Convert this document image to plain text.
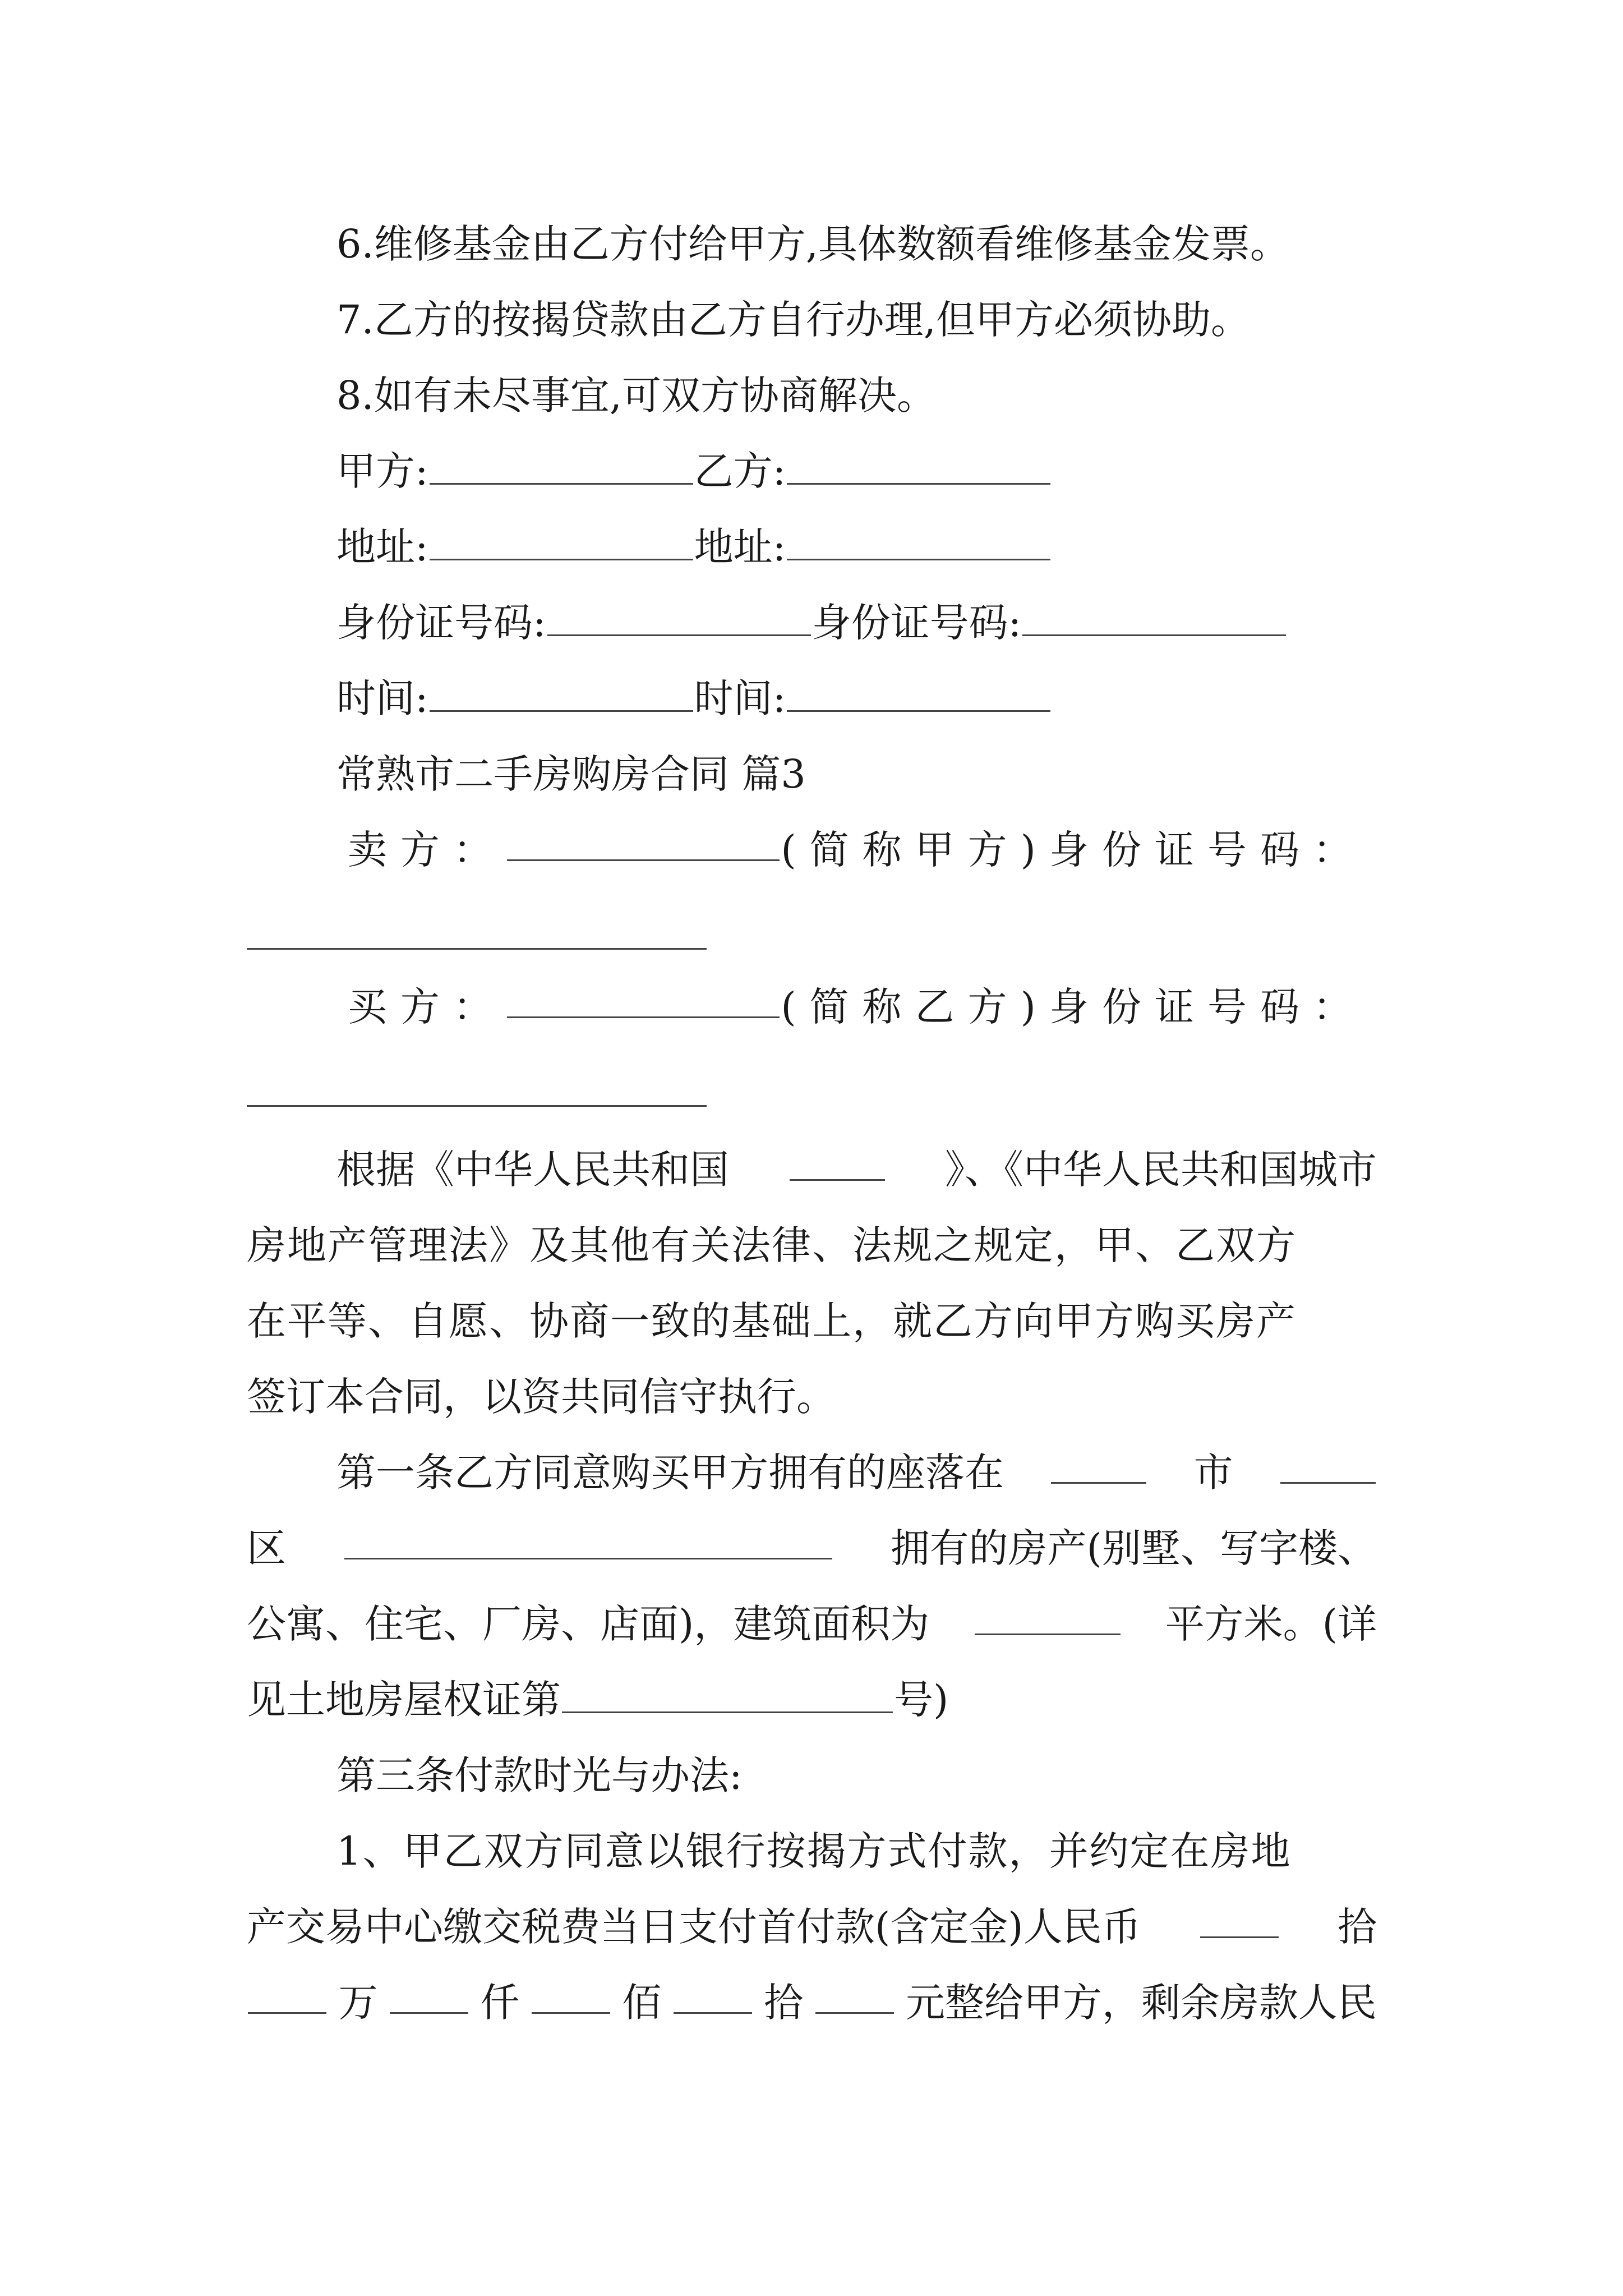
6.维修基金由乙方付给甲方,具体数额看维修基金发票。
7.乙方的按揭贷款由乙方自行办理,但甲方必须协助。
8.如有未尽事宜,可双方协商解决。
甲方:	乙方:
地址:	地址:
身份证号码:	身份证号码:
时间:	时间:
常熟市二手房购房合同 篇3
卖方：	(简称甲方) 身份证号码：
买方：	(简称乙方) 身份证号码：
根据《中华人民共和国	》、《中华人民共和国城市
房地产管理法》及其他有关法律、法规之规定，甲、乙双方
在平等、自愿、协商一致的基础上，就乙方向甲方购买房产
签订本合同，以资共同信守执行。
第一条乙方同意购买甲方拥有的座落在	市
区	拥有的房产(别墅、写字楼、
公寓、住宅、厂房、店面)，建筑面积为	平方米。(详
见土地房屋权证第	号)
第三条付款时光与办法:
1、甲乙双方同意以银行按揭方式付款，并约定在房地
产交易中心缴交税费当日支付首付款(含定金)人民币	拾
万	仟	佰	拾	元整给甲方，剩余房款人民
